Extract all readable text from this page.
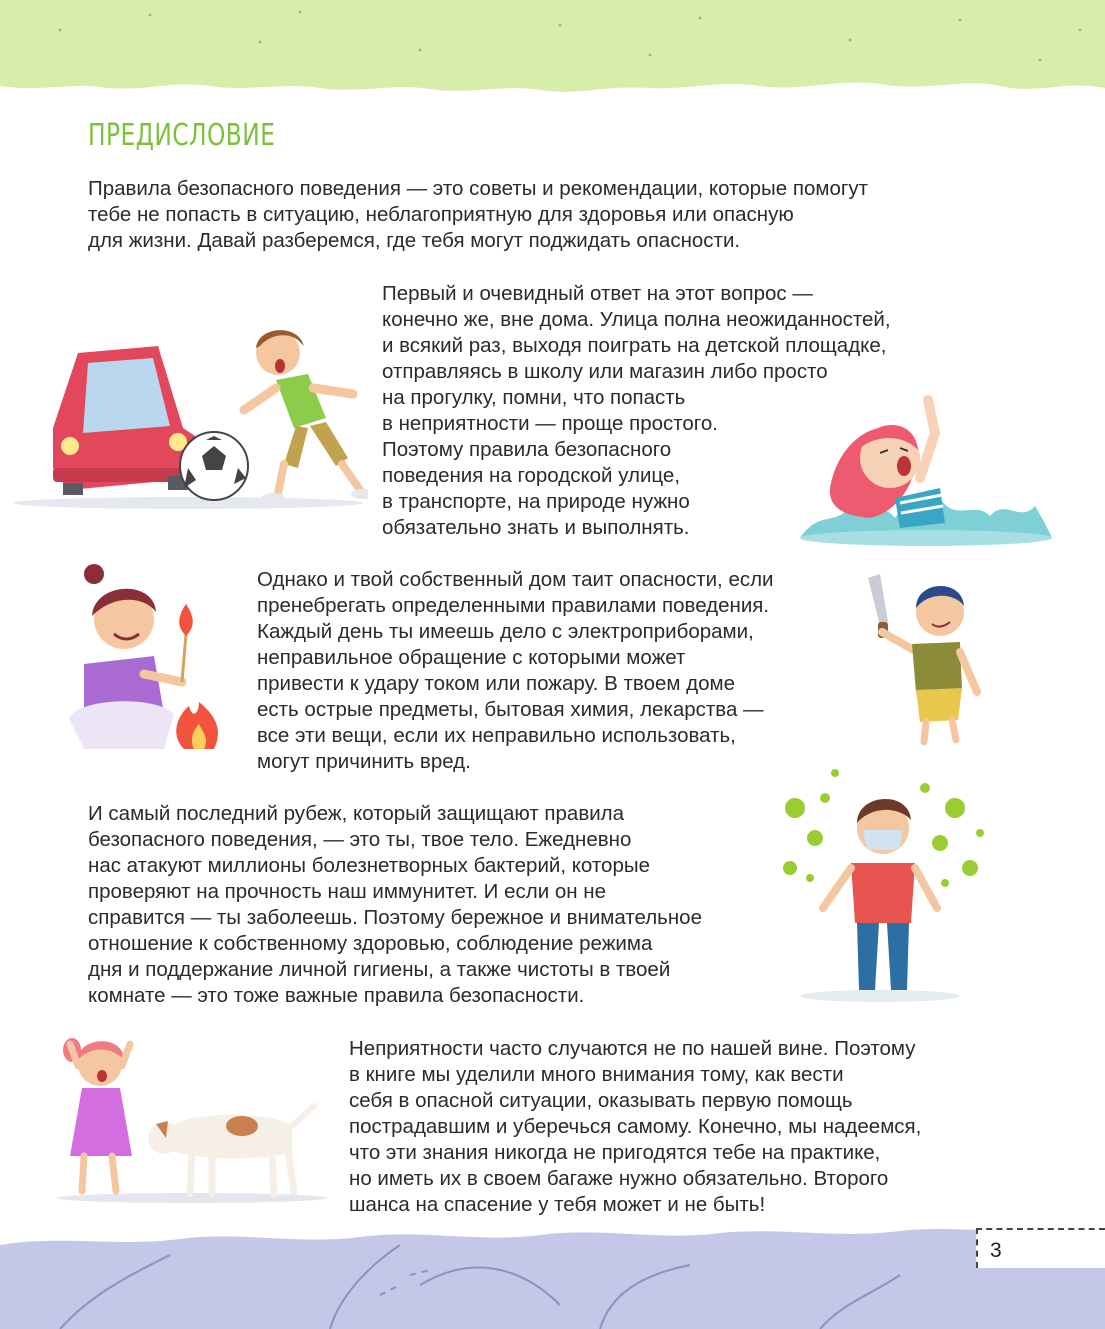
ПРЕДИСЛОВИЕ

Правила безопасного поведения — это советы и рекомендации, которые помогут
тебе не попасть в ситуацию, неблагоприятную для здоровья или опасную
для жизни. Давай разберемся, где тебя могут поджидать опасности.

Первый и очевидный ответ на этот вопрос —
конечно же, вне дома. Улица полна неожиданностей,
и всякий раз, выходя поиграть на детской площадке,
отправляясь в школу или магазин либо просто
на прогулку, помни, что попасть
в неприятности — проще простого.
Поэтому правила безопасного
поведения на городской улице,
в транспорте, на природе нужно
обязательно знать и выполнять.

Однако и твой собственный дом таит опасности, если
пренебрегать определенными правилами поведения.
Каждый день ты имеешь дело с электроприборами,
неправильное обращение с которыми может
привести к удару током или пожару. В твоем доме
есть острые предметы, бытовая химия, лекарства —
все эти вещи, если их неправильно использовать,
могут причинить вред.

И самый последний рубеж, который защищают правила
безопасного поведения, — это ты, твое тело. Ежедневно
нас атакуют миллионы болезнетворных бактерий, которые
проверяют на прочность наш иммунитет. И если он не
справится — ты заболеешь. Поэтому бережное и внимательное
отношение к собственному здоровью, соблюдение режима
дня и поддержание личной гигиены, а также чистоты в твоей
комнате — это тоже важные правила безопасности.

Неприятности часто случаются не по нашей вине. Поэтому
в книге мы уделили много внимания тому, как вести
себя в опасной ситуации, оказывать первую помощь
пострадавшим и уберечься самому. Конечно, мы надеемся,
что эти знания никогда не пригодятся тебе на практике,
но иметь их в своем багаже нужно обязательно. Второго
шанса на спасение у тебя может и не быть!

3
